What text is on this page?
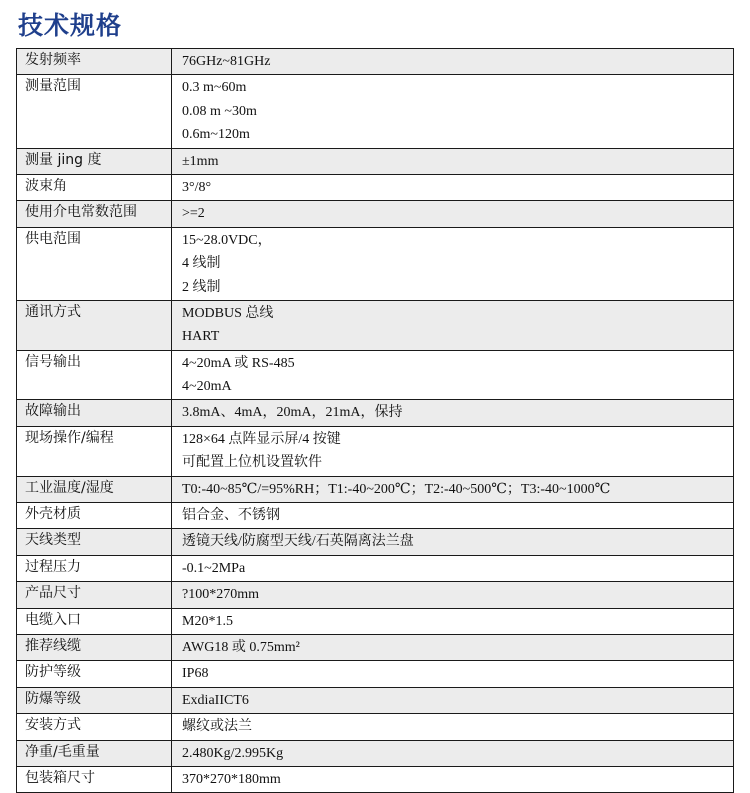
技术规格
发射频率	76GHz~81GHz

测量范围	0.3 m~60m
0.08 m ~30m
0.6m~120m

测量 jing 度	±1mm

波束角	3°/8°

使用介电常数范围	>=2

供电范围	15~28.0VDC，
4 线制
2 线制

通讯方式	MODBUS 总线
HART

信号输出	4~20mA 或 RS-485
4~20mA

故障输出	3.8mA、4mA，20mA，21mA，保持

现场操作/编程	128×64 点阵显示屏/4 按键
可配置上位机设置软件

工业温度/湿度	T0:-40~85℃/=95%RH；T1:-40~200℃；T2:-40~500℃；T3:-40~1000℃

外壳材质	铝合金、不锈钢

天线类型	透镜天线/防腐型天线/石英隔离法兰盘

过程压力	-0.1~2MPa

产品尺寸	?100*270mm

电缆入口	M20*1.5

推荐线缆	AWG18 或 0.75mm²

防护等级	IP68

防爆等级	ExdiaIICT6

安装方式	螺纹或法兰

净重/毛重量	2.480Kg/2.995Kg

包装箱尺寸	370*270*180mm
